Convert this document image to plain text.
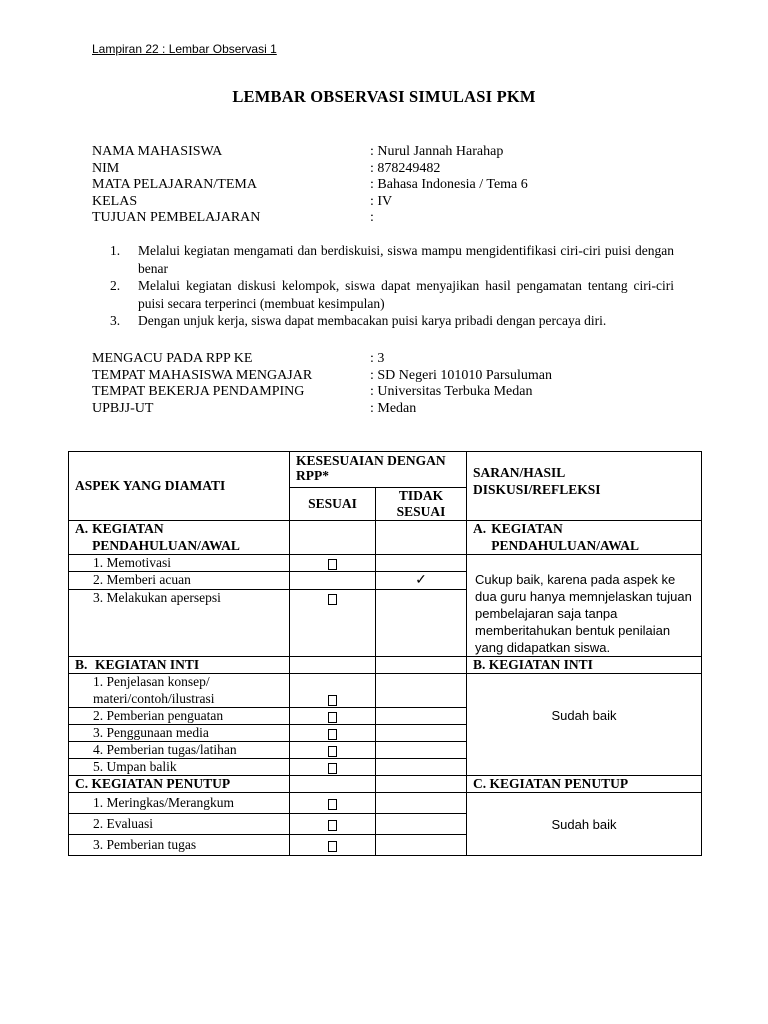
Lampiran 22 : Lembar Observasi 1
LEMBAR OBSERVASI SIMULASI PKM
NAMA MAHASISWA	: Nurul Jannah Harahap
NIM	: 878249482
MATA PELAJARAN/TEMA	: Bahasa Indonesia / Tema 6
KELAS	: IV
TUJUAN PEMBELAJARAN	:
1.	Melalui kegiatan mengamati dan berdiskuisi, siswa mampu mengidentifikasi ciri-ciri puisi dengan benar
2.	Melalui kegiatan diskusi kelompok, siswa dapat menyajikan hasil pengamatan tentang ciri-ciri puisi secara terperinci (membuat kesimpulan)
3.	Dengan unjuk kerja, siswa dapat membacakan puisi karya pribadi dengan percaya diri.
MENGACU PADA RPP KE	: 3
TEMPAT MAHASISWA MENGAJAR	: SD Negeri 101010 Parsuluman
TEMPAT BEKERJA PENDAMPING	: Universitas Terbuka Medan
UPBJJ-UT	: Medan
ASPEK YANG DIAMATI	KESESUAIAN DENGAN RPP*		SARAN/HASIL DISKUSI/REFLEKSI
	SESUAI	TIDAK SESUAI	

A. KEGIATAN PENDAHULUAN/AWAL			A. KEGIATAN PENDAHULUAN/AWAL

1. Memotivasi			Cukup baik, karena pada aspek ke dua guru hanya memnjelaskan tujuan pembelajaran saja tanpa memberitahukan bentuk penilaian yang didapatkan siswa.
2. Memberi acuan		✓	
3. Melakukan apersepsi			

B. KEGIATAN INTI			B. KEGIATAN INTI
1. Penjelasan konsep/ materi/contoh/ilustrasi			Sudah baik
2. Pemberian penguatan			
3. Penggunaan media			
4. Pemberian tugas/latihan			
5. Umpan balik			
C. KEGIATAN PENUTUP			C. KEGIATAN PENUTUP
1. Meringkas/Merangkum			Sudah baik
2. Evaluasi			
3. Pemberian tugas			
